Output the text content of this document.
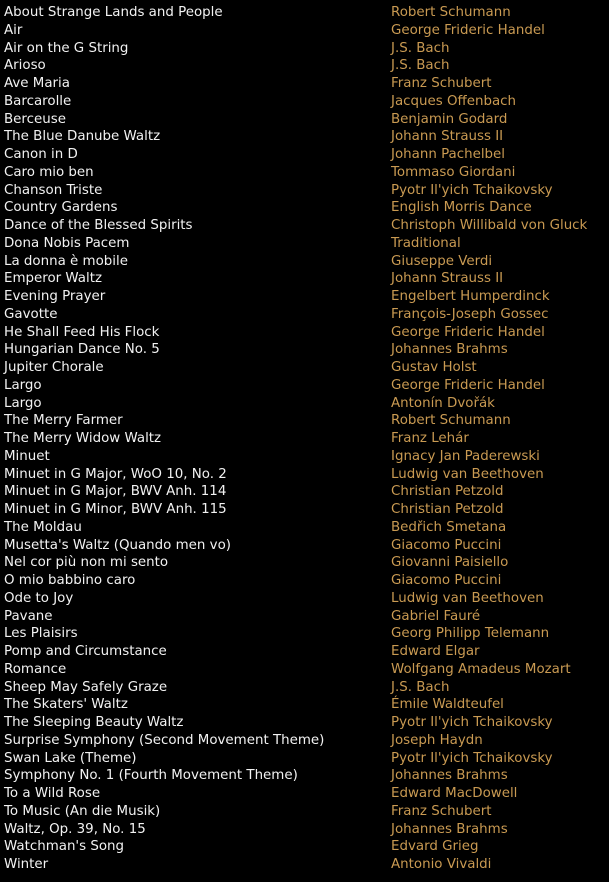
About Strange Lands and People	Robert Schumann
Air	George Frideric Handel
Air on the G String	J.S. Bach
Arioso	J.S. Bach
Ave Maria	Franz Schubert
Barcarolle	Jacques Offenbach
Berceuse	Benjamin Godard
The Blue Danube Waltz	Johann Strauss II
Canon in D	Johann Pachelbel
Caro mio ben	Tommaso Giordani
Chanson Triste	Pyotr Il'yich Tchaikovsky
Country Gardens	English Morris Dance
Dance of the Blessed Spirits	Christoph Willibald von Gluck
Dona Nobis Pacem	Traditional
La donna è mobile	Giuseppe Verdi
Emperor Waltz	Johann Strauss II
Evening Prayer	Engelbert Humperdinck
Gavotte	François-Joseph Gossec
He Shall Feed His Flock	George Frideric Handel
Hungarian Dance No. 5	Johannes Brahms
Jupiter Chorale	Gustav Holst
Largo	George Frideric Handel
Largo	Antonín Dvořák
The Merry Farmer	Robert Schumann
The Merry Widow Waltz	Franz Lehár
Minuet	Ignacy Jan Paderewski
Minuet in G Major, WoO 10, No. 2	Ludwig van Beethoven
Minuet in G Major, BWV Anh. 114	Christian Petzold
Minuet in G Minor, BWV Anh. 115	Christian Petzold
The Moldau	Bedřich Smetana
Musetta's Waltz (Quando men vo)	Giacomo Puccini
Nel cor più non mi sento	Giovanni Paisiello
O mio babbino caro	Giacomo Puccini
Ode to Joy	Ludwig van Beethoven
Pavane	Gabriel Fauré
Les Plaisirs	Georg Philipp Telemann
Pomp and Circumstance	Edward Elgar
Romance	Wolfgang Amadeus Mozart
Sheep May Safely Graze	J.S. Bach
The Skaters' Waltz	Émile Waldteufel
The Sleeping Beauty Waltz	Pyotr Il'yich Tchaikovsky
Surprise Symphony (Second Movement Theme)	Joseph Haydn
Swan Lake (Theme)	Pyotr Il'yich Tchaikovsky
Symphony No. 1 (Fourth Movement Theme)	Johannes Brahms
To a Wild Rose	Edward MacDowell
To Music (An die Musik)	Franz Schubert
Waltz, Op. 39, No. 15	Johannes Brahms
Watchman's Song	Edvard Grieg
Winter	Antonio Vivaldi
